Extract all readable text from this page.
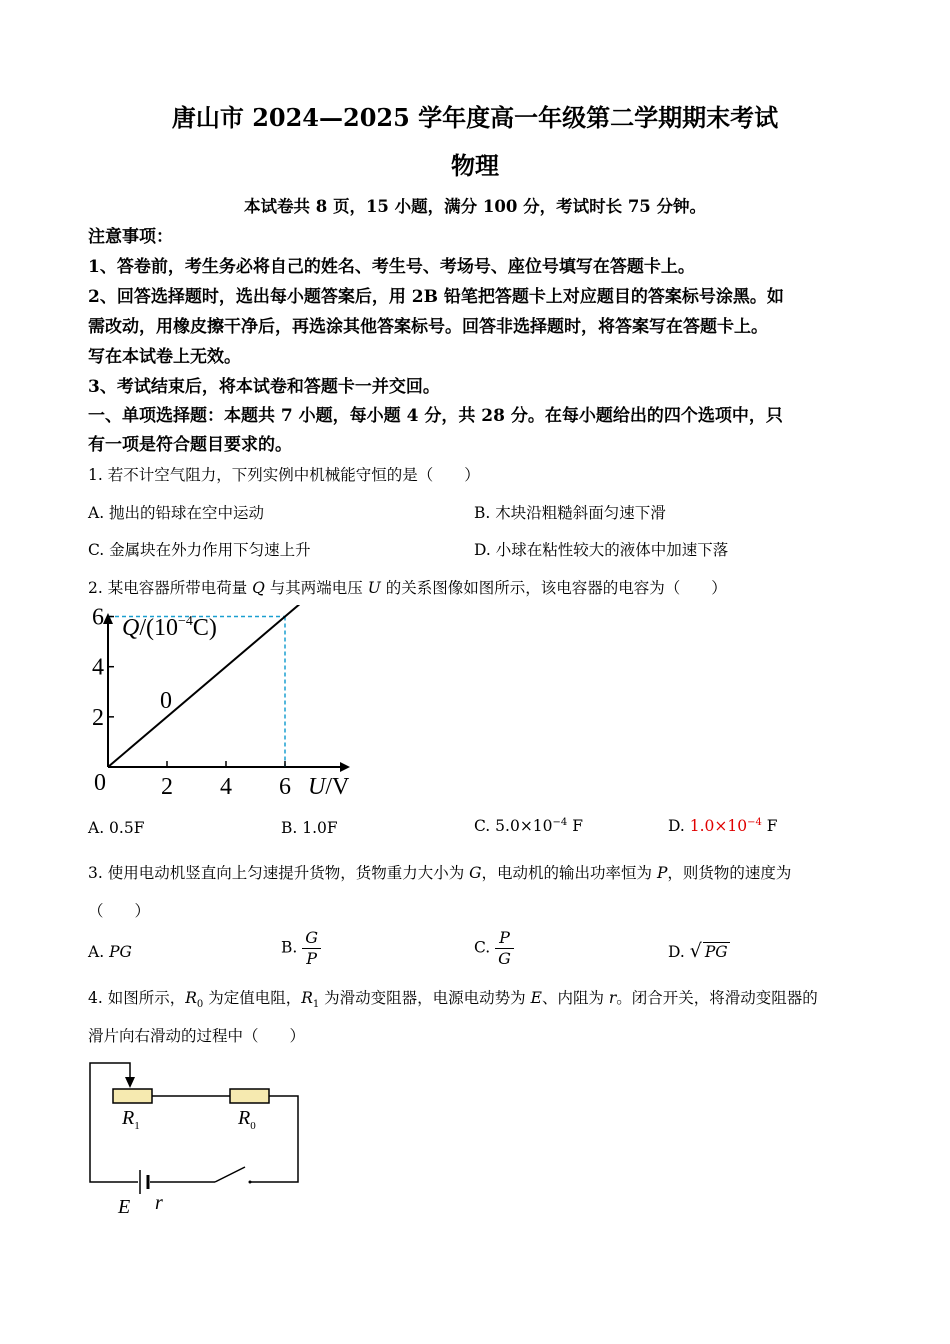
唐山市 2024—2025 学年度高一年级第二学期期末考试
物理
本试卷共 8 页，15 小题，满分 100 分，考试时长 75 分钟。
注意事项：
1、答卷前，考生务必将自己的姓名、考生号、考场号、座位号填写在答题卡上。
2、回答选择题时，选出每小题答案后，用 2B 铅笔把答题卡上对应题目的答案标号涂黑。如
需改动，用橡皮擦干净后，再选涂其他答案标号。回答非选择题时，将答案写在答题卡上。
写在本试卷上无效。
3、考试结束后，将本试卷和答题卡一并交回。
一、单项选择题：本题共 7 小题，每小题 4 分，共 28 分。在每小题给出的四个选项中，只
有一项是符合题目要求的。
1. 若不计空气阻力，下列实例中机械能守恒的是（　　）
A. 抛出的铅球在空中运动	B. 木块沿粗糙斜面匀速下滑
C. 金属块在外力作用下匀速上升	D. 小球在粘性较大的液体中加速下落
2. 某电容器所带电荷量 Q 与其两端电压 U 的关系图像如图所示，该电容器的电容为（　　）
2 4 6
2
4
6
0
0
$Q/(10^{-4}C)$
U/V
A. 0.5F	B. 1.0F	C. $5.0\times 10^{-4}$ F	D. $1.0\times 10^{-4}$ F
3. 使用电动机竖直向上匀速提升货物，货物重力大小为 G，电动机的输出功率恒为 P，则货物的速度为
（　　）
A. PG	B. $\frac{G}{P}$	C. $\frac{P}{G}$	D. √ PG
4. 如图所示，$R_0$ 为定值电阻，$R_1$ 为滑动变阻器，电源电动势为 E、内阻为 r。闭合开关，将滑动变阻器的
滑片向右滑动的过程中（　　）
$R_1$	$R_0$
E r
